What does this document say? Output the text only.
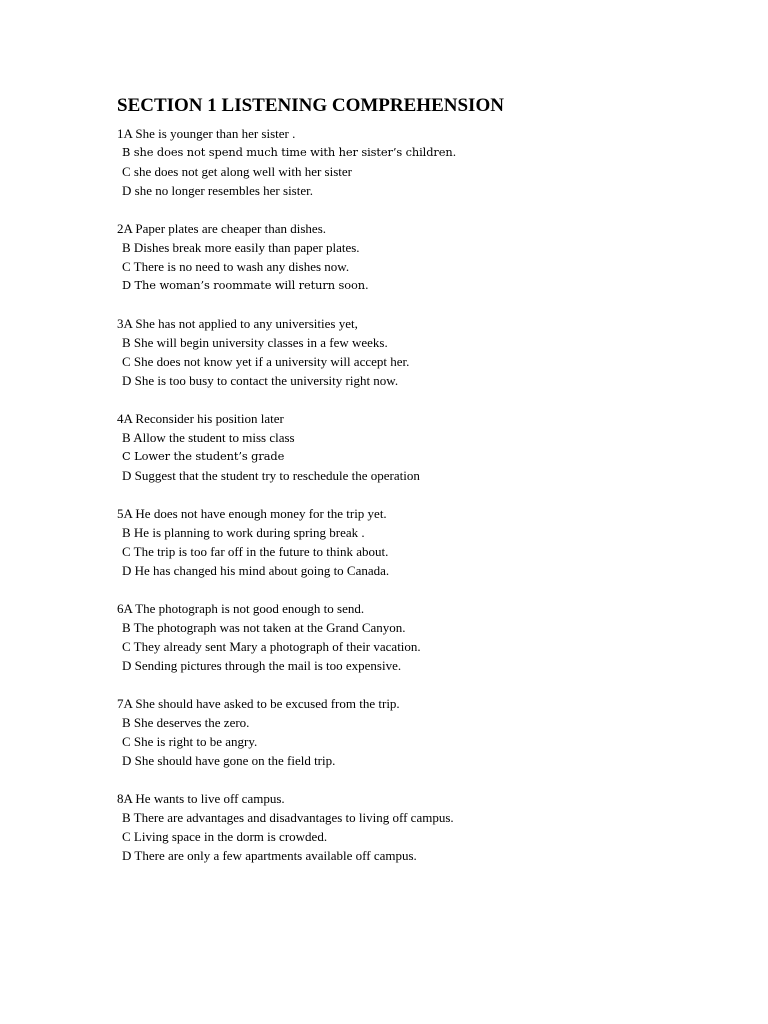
SECTION 1 LISTENING COMPREHENSION
1A She is younger than her sister .
B she does not spend much time with her sister’s children.
C she does not get along well with her sister
D she no longer resembles her sister.
2A Paper plates are cheaper than dishes.
B Dishes break more easily than paper plates.
C There is no need to wash any dishes now.
D The woman’s roommate will return soon.
3A She has not applied to any universities yet,
B She will begin university classes in a few weeks.
C She does not know yet if a university will accept her.
D She is too busy to contact the university right now.
4A Reconsider his position later
B Allow the student to miss class
C Lower the student’s grade
D Suggest that the student try to reschedule the operation
5A He does not have enough money for the trip yet.
B He is planning to work during spring break .
C The trip is too far off in the future to think about.
D He has changed his mind about going to Canada.
6A The photograph is not good enough to send.
B The photograph was not taken at the Grand Canyon.
C They already sent Mary a photograph of their vacation.
D Sending pictures through the mail is too expensive.
7A She should have asked to be excused from the trip.
B She deserves the zero.
C She is right to be angry.
D She should have gone on the field trip.
8A He wants to live off campus.
B There are advantages and disadvantages to living off campus.
C Living space in the dorm is crowded.
D There are only a few apartments available off campus.
